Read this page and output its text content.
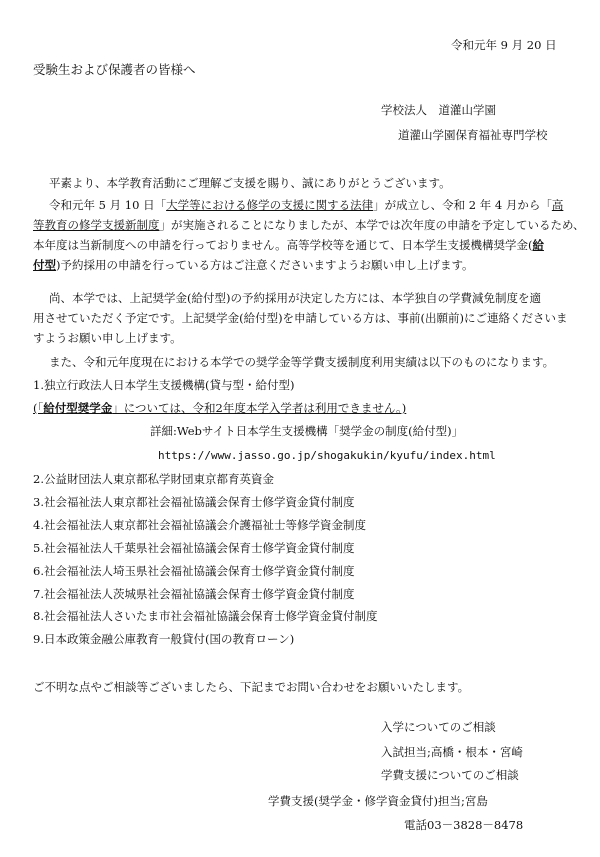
令和元年 9 月 20 日
受験生および保護者の皆様へ
学校法人　道灌山学園
道灌山学園保育福祉専門学校
平素より、本学教育活動にご理解ご支援を賜り、誠にありがとうございます。
令和元年 5 月 10 日「大学等における修学の支援に関する法律」が成立し、令和 2 年 4 月から「高
等教育の修学支援新制度」が実施されることになりましたが、本学では次年度の申請を予定しているため、
本年度は当新制度への申請を行っておりません。高等学校等を通じて、日本学生支援機構奨学金(給
付型)予約採用の申請を行っている方はご注意くださいますようお願い申し上げます。
尚、本学では、上記奨学金(給付型)の予約採用が決定した方には、本学独自の学費減免制度を適
用させていただく予定です。上記奨学金(給付型)を申請している方は、事前(出願前)にご連絡くださいま
すようお願い申し上げます。
また、令和元年度現在における本学での奨学金等学費支援制度利用実績は以下のものになります。
1.独立行政法人日本学生支援機構(貸与型・給付型)
(「給付型奨学金」については、令和2年度本学入学者は利用できません。)
詳細:Webサイト日本学生支援機構「奨学金の制度(給付型)」
https://www.jasso.go.jp/shogakukin/kyufu/index.html
2.公益財団法人東京都私学財団東京都育英資金
3.社会福祉法人東京都社会福祉協議会保育士修学資金貸付制度
4.社会福祉法人東京都社会福祉協議会介護福祉士等修学資金制度
5.社会福祉法人千葉県社会福祉協議会保育士修学資金貸付制度
6.社会福祉法人埼玉県社会福祉協議会保育士修学資金貸付制度
7.社会福祉法人茨城県社会福祉協議会保育士修学資金貸付制度
8.社会福祉法人さいたま市社会福祉協議会保育士修学資金貸付制度
9.日本政策金融公庫教育一般貸付(国の教育ローン)
ご不明な点やご相談等ございましたら、下記までお問い合わせをお願いいたします。
入学についてのご相談
入試担当;高橋・根本・宮崎
学費支援についてのご相談
学費支援(奨学金・修学資金貸付)担当;宮島
電話03－3828－8478
